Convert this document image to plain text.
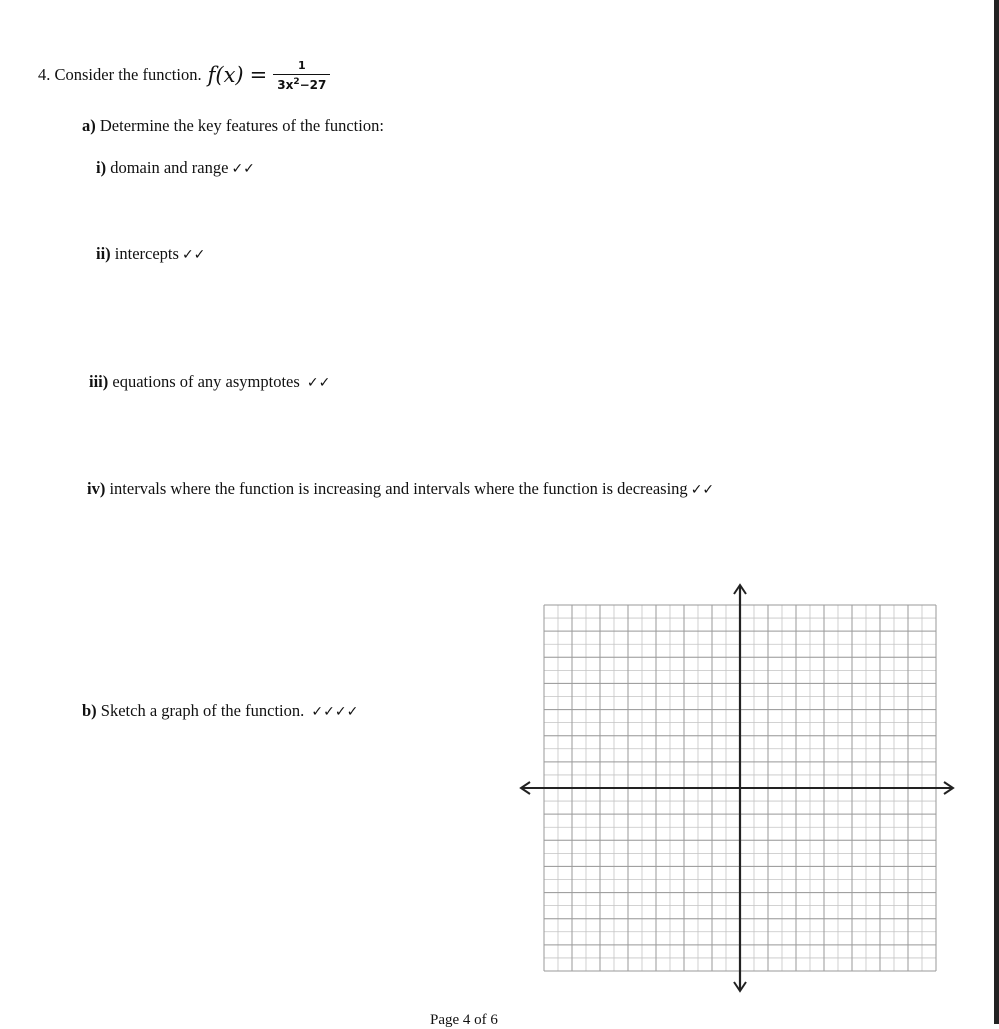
4.
Consider the function. $f(x) = \frac{1}{3x^2-27}$
a) Determine the key features of the function:
i) domain and range ✓✓
ii) intercepts ✓✓
iii) equations of any asymptotes ✓✓
iv) intervals where the function is increasing and intervals where the function is decreasing ✓✓
b) Sketch a graph of the function. ✓✓✓✓
Page 4 of 6
